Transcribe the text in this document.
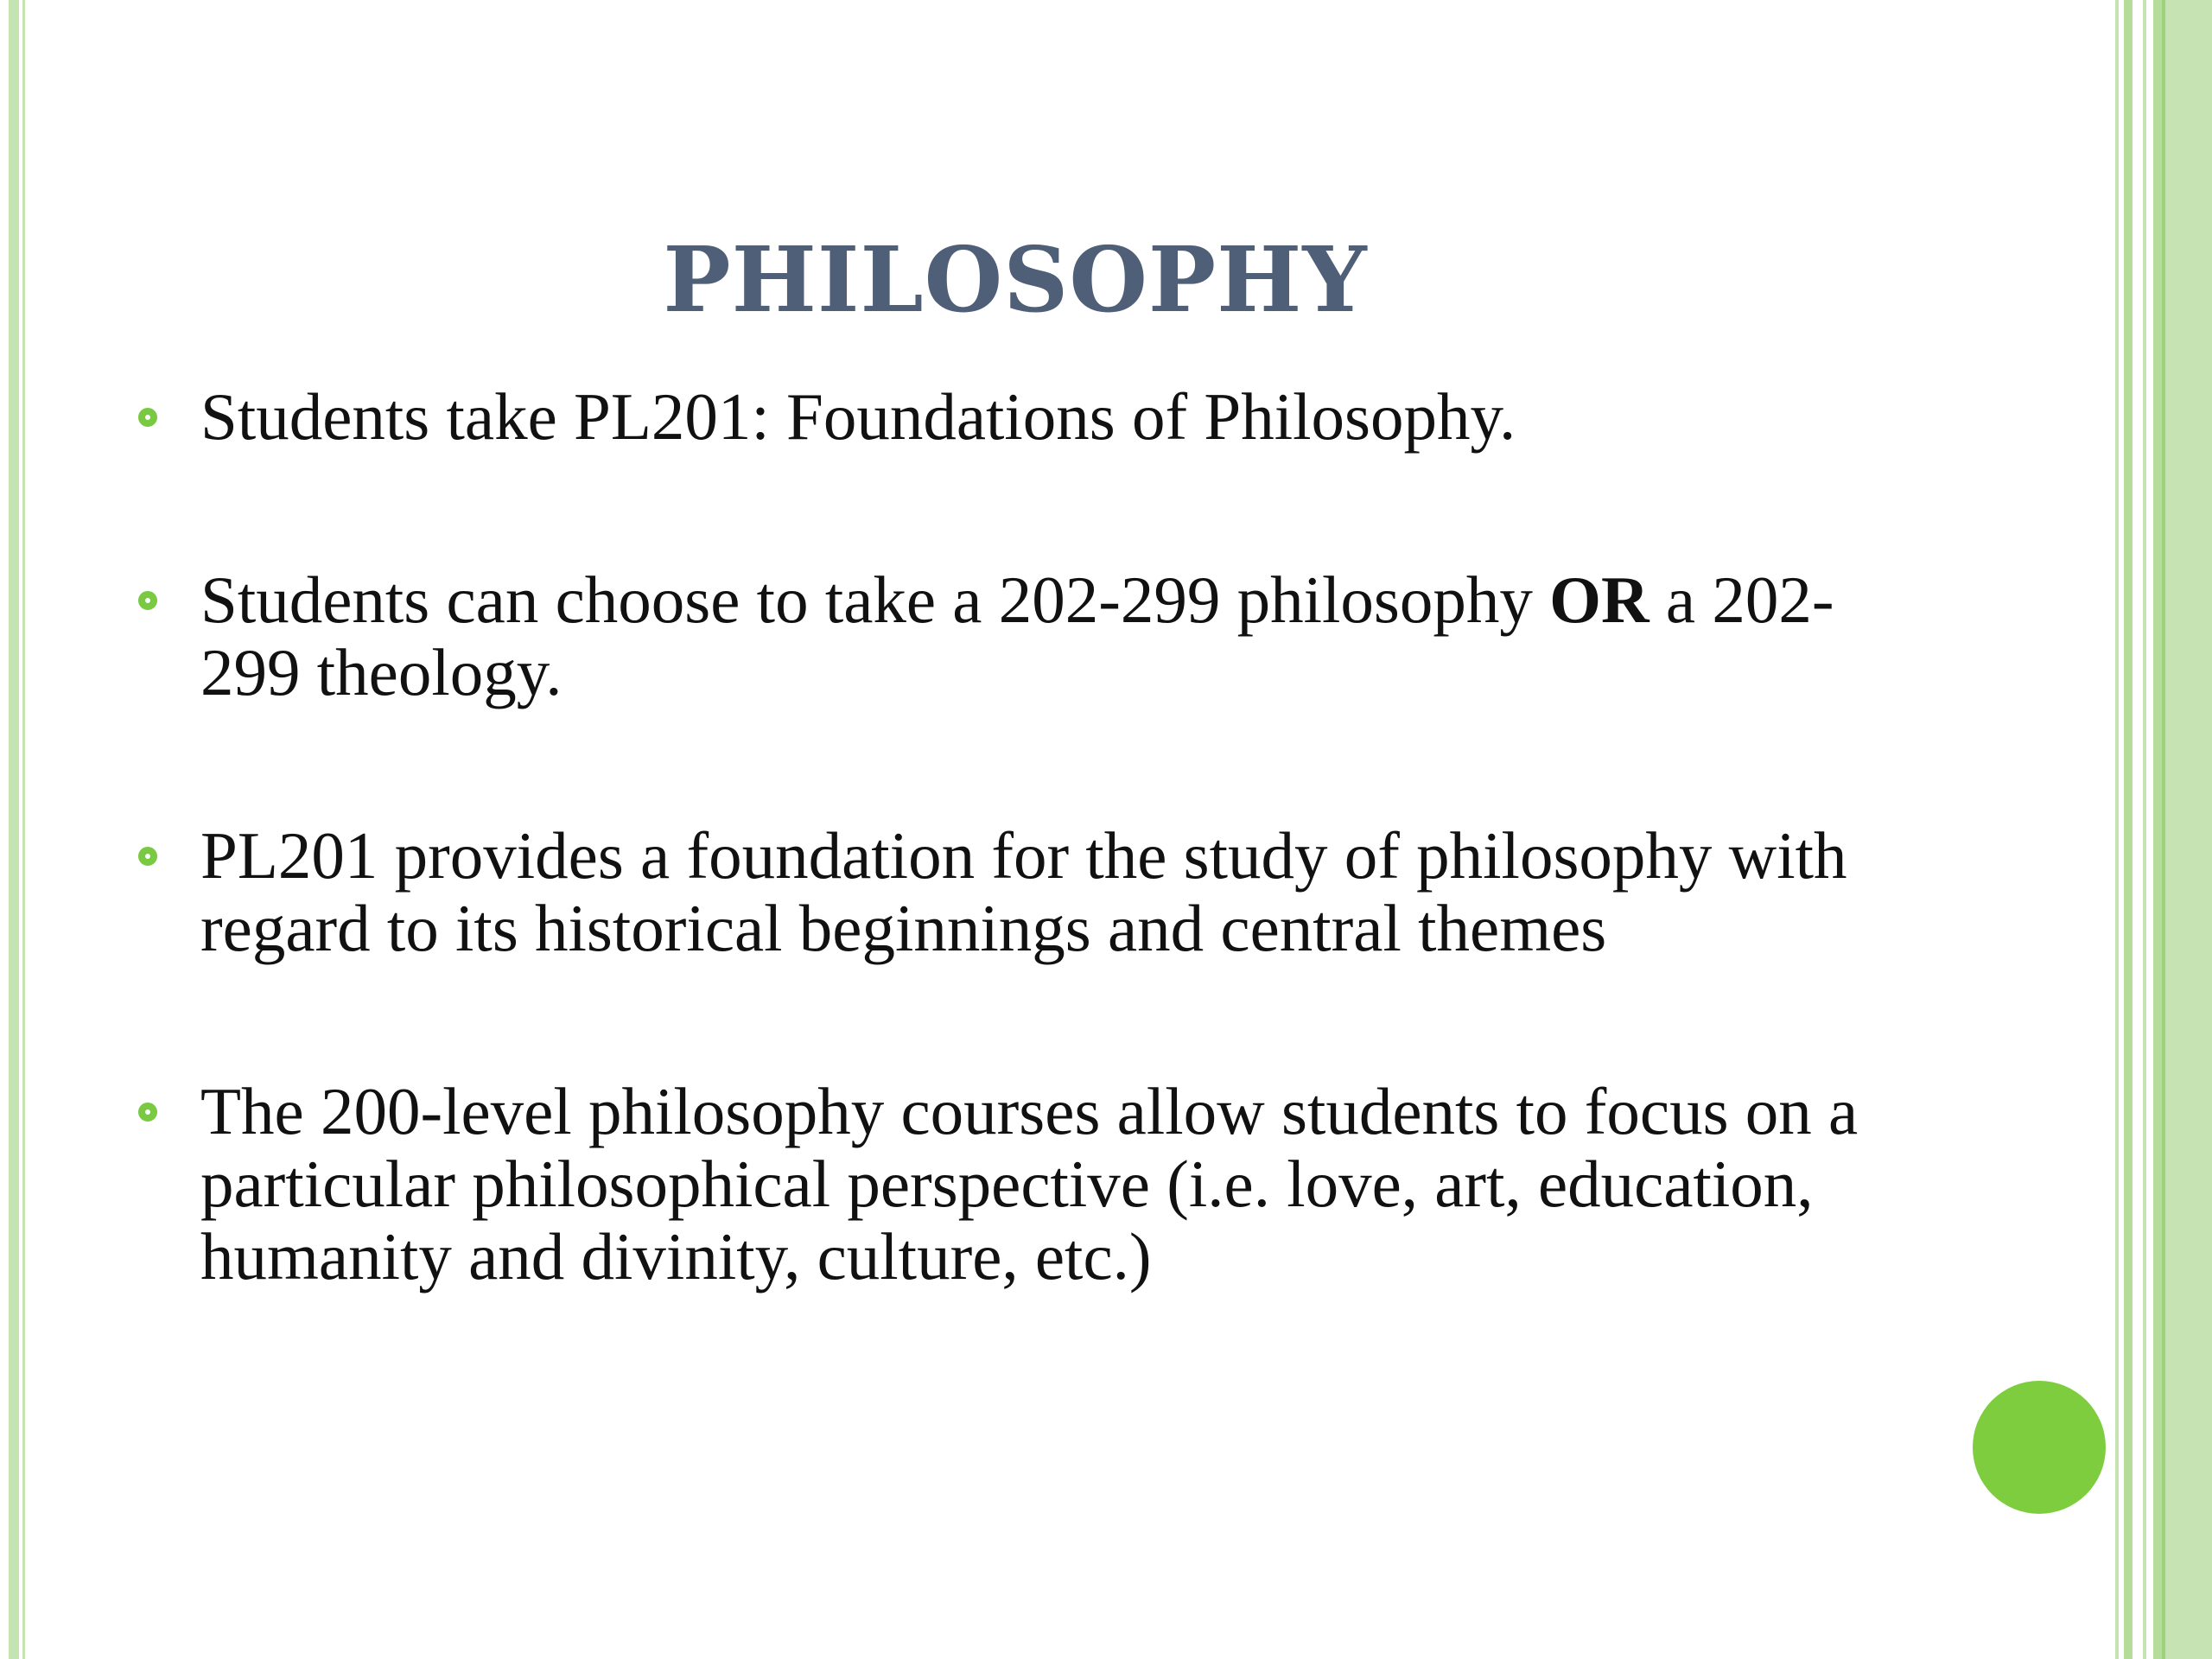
PHILOSOPHY
Students take PL201: Foundations of Philosophy.
Students can choose to take a 202-299 philosophy OR a 202-299 theology.
PL201 provides a foundation for the study of philosophy with regard to its historical beginnings and central themes
The 200-level philosophy courses allow students to focus on a particular philosophical perspective (i.e. love, art, education, humanity and divinity, culture, etc.)
